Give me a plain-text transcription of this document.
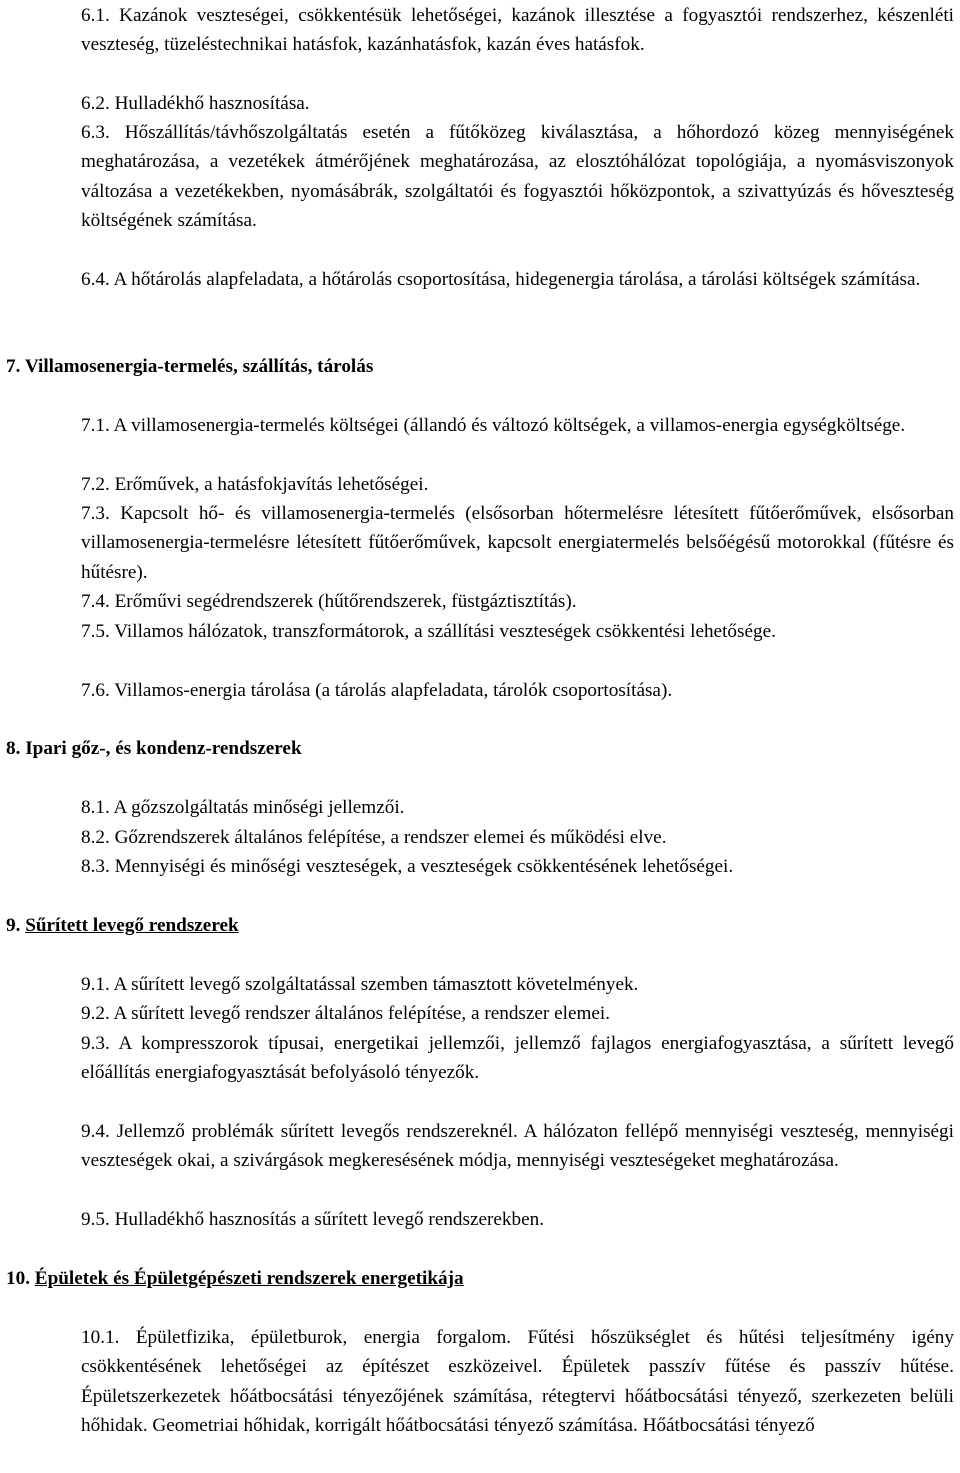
6.1. Kazánok veszteségei, csökkentésük lehetőségei, kazánok illesztése a fogyasztói rendszerhez, készenléti veszteség, tüzeléstechnikai hatásfok, kazánhatásfok, kazán éves hatásfok.

6.2. Hulladékhő hasznosítása.

6.3. Hőszállítás/távhőszolgáltatás esetén a fűtőközeg kiválasztása, a hőhordozó közeg mennyiségének meghatározása, a vezetékek átmérőjének meghatározása, az elosztóhálózat topológiája, a nyomásviszonyok változása a vezetékekben, nyomásábrák, szolgáltatói és fogyasztói hőközpontok, a szivattyúzás és hőveszteség költségének számítása.

6.4. A hőtárolás alapfeladata, a hőtárolás csoportosítása, hidegenergia tárolása, a tárolási költségek számítása.

7. Villamosenergia-termelés, szállítás, tárolás

7.1. A villamosenergia-termelés költségei (állandó és változó költségek, a villamos-energia egységköltsége.

7.2. Erőművek, a hatásfokjavítás lehetőségei.

7.3. Kapcsolt hő- és villamosenergia-termelés (elsősorban hőtermelésre létesített fűtőerőművek, elsősorban villamosenergia-termelésre létesített fűtőerőművek, kapcsolt energiatermelés belsőégésű motorokkal (fűtésre és hűtésre).

7.4. Erőművi segédrendszerek (hűtőrendszerek, füstgáztisztítás).

7.5. Villamos hálózatok, transzformátorok, a szállítási veszteségek csökkentési lehetősége.

7.6. Villamos-energia tárolása (a tárolás alapfeladata, tárolók csoportosítása).

8. Ipari gőz-, és kondenz-rendszerek

8.1. A gőzszolgáltatás minőségi jellemzői.

8.2. Gőzrendszerek általános felépítése, a rendszer elemei és működési elve.

8.3. Mennyiségi és minőségi veszteségek, a veszteségek csökkentésének lehetőségei.

9. Sűrített levegő rendszerek

9.1. A sűrített levegő szolgáltatással szemben támasztott követelmények.

9.2. A sűrített levegő rendszer általános felépítése, a rendszer elemei.

9.3. A kompresszorok típusai, energetikai jellemzői, jellemző fajlagos energiafogyasztása, a sűrített levegő előállítás energiafogyasztását befolyásoló tényezők.

9.4. Jellemző problémák sűrített levegős rendszereknél. A hálózaton fellépő mennyiségi veszteség, mennyiségi veszteségek okai, a szivárgások megkeresésének módja, mennyiségi veszteségeket meghatározása.

9.5. Hulladékhő hasznosítás a sűrített levegő rendszerekben.

10. Épületek és Épületgépészeti rendszerek energetikája

10.1. Épületfizika, épületburok, energia forgalom. Fűtési hőszükséglet és hűtési teljesítmény igény csökkentésének lehetőségei az építészet eszközeivel. Épületek passzív fűtése és passzív hűtése. Épületszerkezetek hőátbocsátási tényezőjének számítása, rétegtervi hőátbocsátási tényező, szerkezeten belüli hőhidak. Geometriai hőhidak, korrigált hőátbocsátási tényező számítása. Hőátbocsátási tényező
